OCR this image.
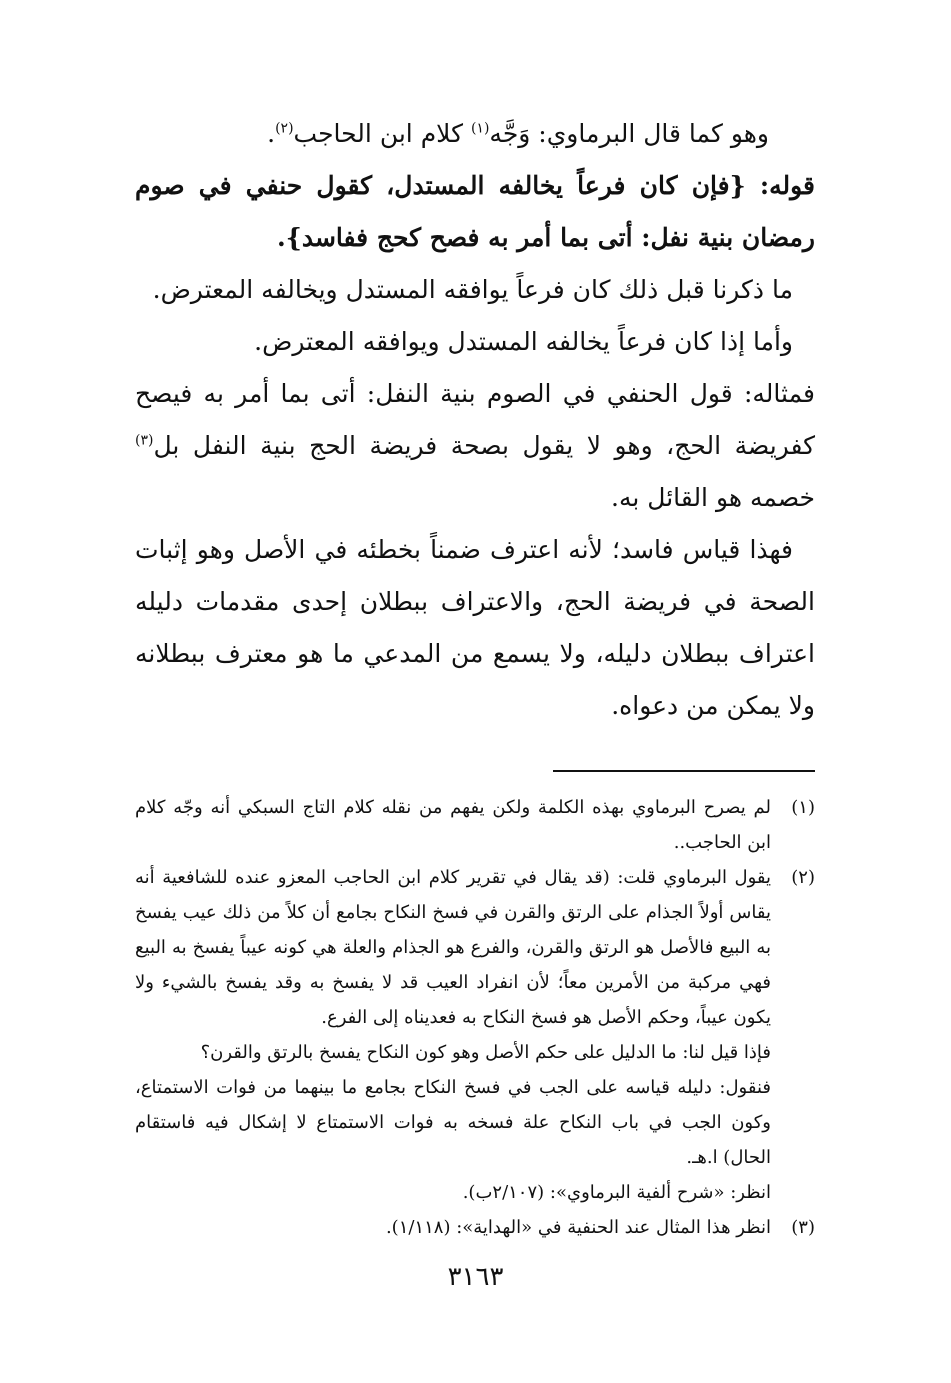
وهو كما قال البرماوي: وَجَّه$^{(١)}$ كلام ابن الحاجب$^{(٢)}$.

قوله: {فإن كان فرعاً يخالفه المستدل، كقول حنفي في صوم رمضان بنية نفل: أتى بما أمر به فصح كحج ففاسد}.

ما ذكرنا قبل ذلك كان فرعاً يوافقه المستدل ويخالفه المعترض.

وأما إذا كان فرعاً يخالفه المستدل ويوافقه المعترض.

فمثاله: قول الحنفي في الصوم بنية النفل: أتى بما أمر به فيصح كفريضة الحج، وهو لا يقول بصحة فريضة الحج بنية النفل بل$^{(٣)}$ خصمه هو القائل به.

فهذا قياس فاسد؛ لأنه اعترف ضمناً بخطئه في الأصل وهو إثبات الصحة في فريضة الحج، والاعتراف ببطلان إحدى مقدمات دليله اعتراف ببطلان دليله، ولا يسمع من المدعي ما هو معترف ببطلانه ولا يمكن من دعواه.

(١)

لم يصرح البرماوي بهذه الكلمة ولكن يفهم من نقله كلام التاج السبكي أنه وجّه كلام ابن الحاجب..

(٢)

يقول البرماوي قلت: (قد يقال في تقرير كلام ابن الحاجب المعزو عنده للشافعية أنه يقاس أولاً الجذام على الرتق والقرن في فسخ النكاح بجامع أن كلاً من ذلك عيب يفسخ به البيع فالأصل هو الرتق والقرن، والفرع هو الجذام والعلة هي كونه عيباً يفسخ به البيع فهي مركبة من الأمرين معاً؛ لأن انفراد العيب قد لا يفسخ به وقد يفسخ بالشيء ولا يكون عيباً، وحكم الأصل هو فسخ النكاح به فعديناه إلى الفرع.

فإذا قيل لنا: ما الدليل على حكم الأصل وهو كون النكاح يفسخ بالرتق والقرن؟

فنقول: دليله قياسه على الجب في فسخ النكاح بجامع ما بينهما من فوات الاستمتاع، وكون الجب في باب النكاح علة فسخه به فوات الاستمتاع لا إشكال فيه فاستقام الحال) ا.هـ.

انظر: «شرح ألفية البرماوي»: (٢/١٠٧ب).

(٣)

انظر هذا المثال عند الحنفية في «الهداية»: (١/١١٨).

٣١٦٣
